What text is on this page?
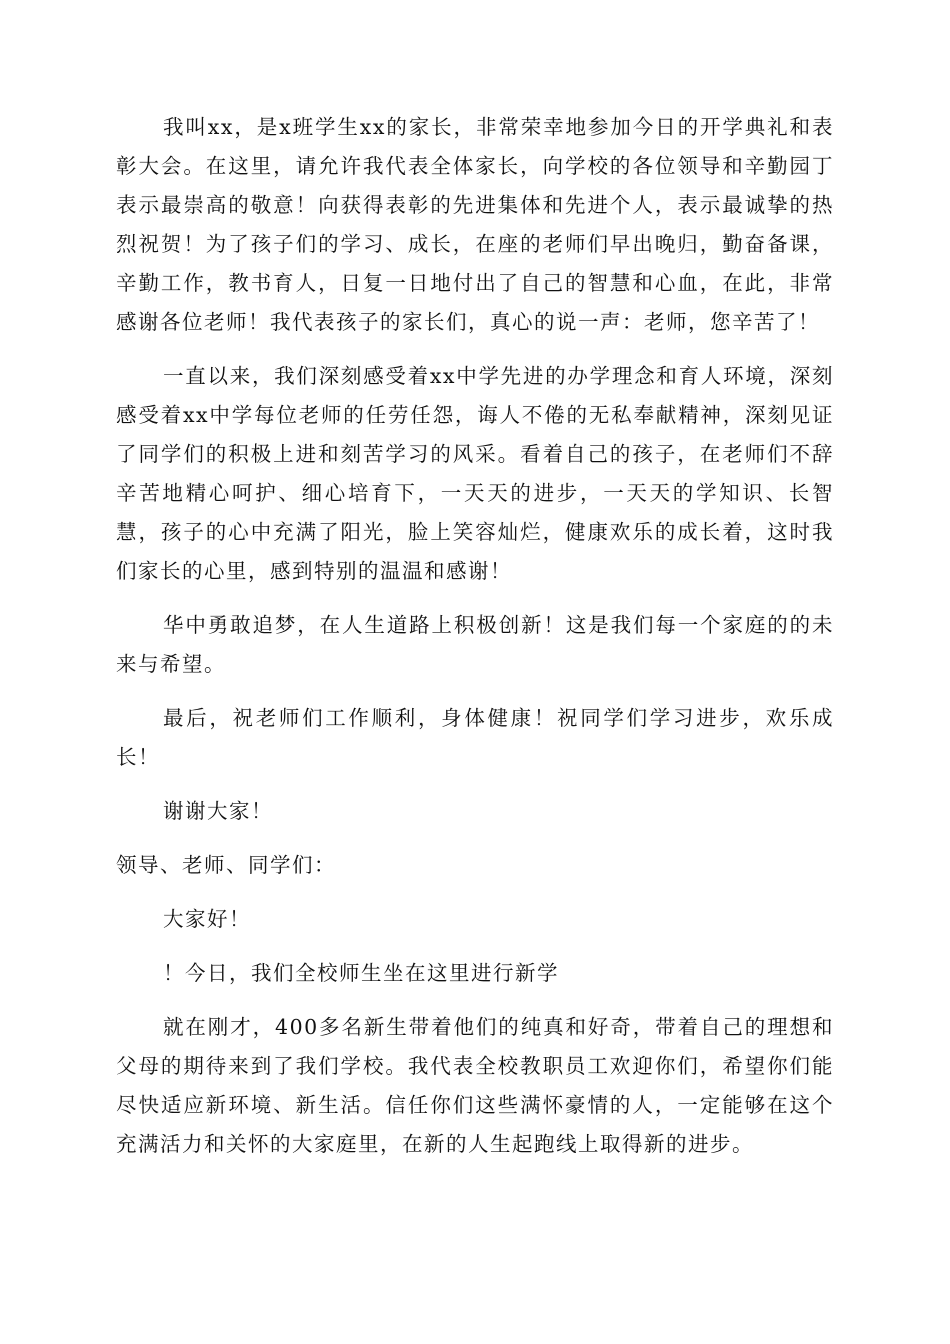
我叫xx，是x班学生xx的家长，非常荣幸地参加今日的开学典礼和表彰大会。在这里，请允许我代表全体家长，向学校的各位领导和辛勤园丁表示最崇高的敬意！向获得表彰的先进集体和先进个人，表示最诚挚的热烈祝贺！为了孩子们的学习、成长，在座的老师们早出晚归，勤奋备课，辛勤工作，教书育人，日复一日地付出了自己的智慧和心血，在此，非常感谢各位老师！我代表孩子的家长们，真心的说一声：老师，您辛苦了！

一直以来，我们深刻感受着xx中学先进的办学理念和育人环境，深刻感受着xx中学每位老师的任劳任怨，诲人不倦的无私奉献精神，深刻见证了同学们的积极上进和刻苦学习的风采。看着自己的孩子，在老师们不辞辛苦地精心呵护、细心培育下，一天天的进步，一天天的学知识、长智慧，孩子的心中充满了阳光，脸上笑容灿烂，健康欢乐的成长着，这时我们家长的心里，感到特别的温温和感谢！

华中勇敢追梦，在人生道路上积极创新！这是我们每一个家庭的的未来与希望。

最后，祝老师们工作顺利，身体健康！祝同学们学习进步，欢乐成长！

谢谢大家！

领导、老师、同学们：

大家好！

！今日，我们全校师生坐在这里进行新学

就在刚才，400多名新生带着他们的纯真和好奇，带着自己的理想和父母的期待来到了我们学校。我代表全校教职员工欢迎你们，希望你们能尽快适应新环境、新生活。信任你们这些满怀豪情的人，一定能够在这个充满活力和关怀的大家庭里，在新的人生起跑线上取得新的进步。
